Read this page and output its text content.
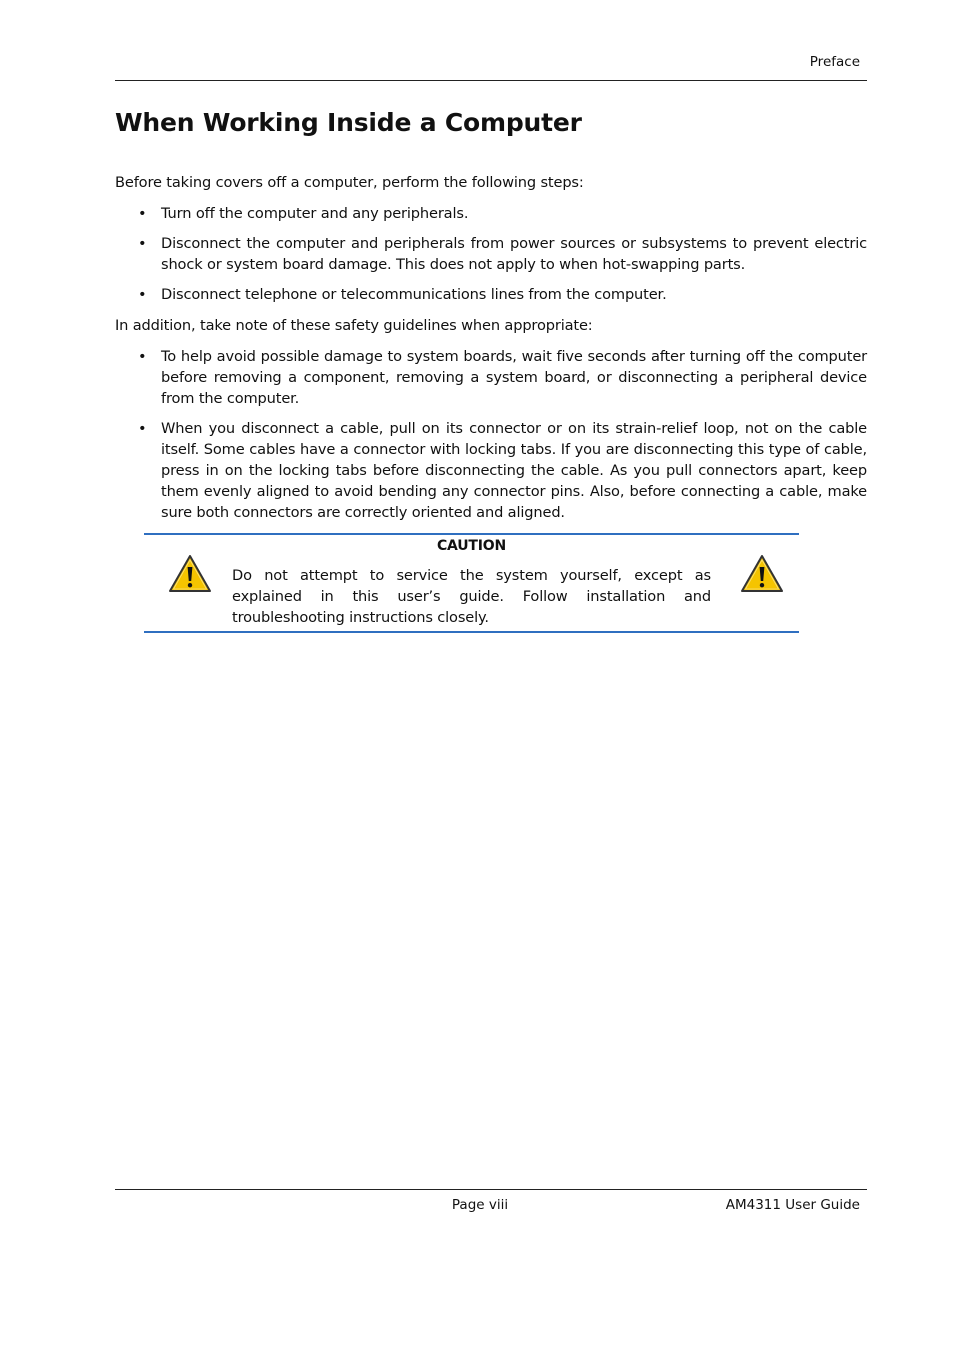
Preface
When Working Inside a Computer

Before taking covers off a computer, perform the following steps:

• Turn off the computer and any peripherals.
• Disconnect the computer and peripherals from power sources or subsystems to prevent electric shock or system board damage. This does not apply to when hot-swapping parts.
• Disconnect telephone or telecommunications lines from the computer.

In addition, take note of these safety guidelines when appropriate:

• To help avoid possible damage to system boards, wait five seconds after turning off the computer before removing a component, removing a system board, or disconnecting a peripheral device from the computer.
• When you disconnect a cable, pull on its connector or on its strain-relief loop, not on the cable itself. Some cables have a connector with locking tabs. If you are disconnecting this type of cable, press in on the locking tabs before disconnecting the cable. As you pull connectors apart, keep them evenly aligned to avoid bending any connector pins. Also, before connecting a cable, make sure both connectors are correctly oriented and aligned.
CAUTION
Do not attempt to service the system yourself, except as explained in this user’s guide. Follow installation and troubleshooting instructions closely.
Page viii	AM4311 User Guide
